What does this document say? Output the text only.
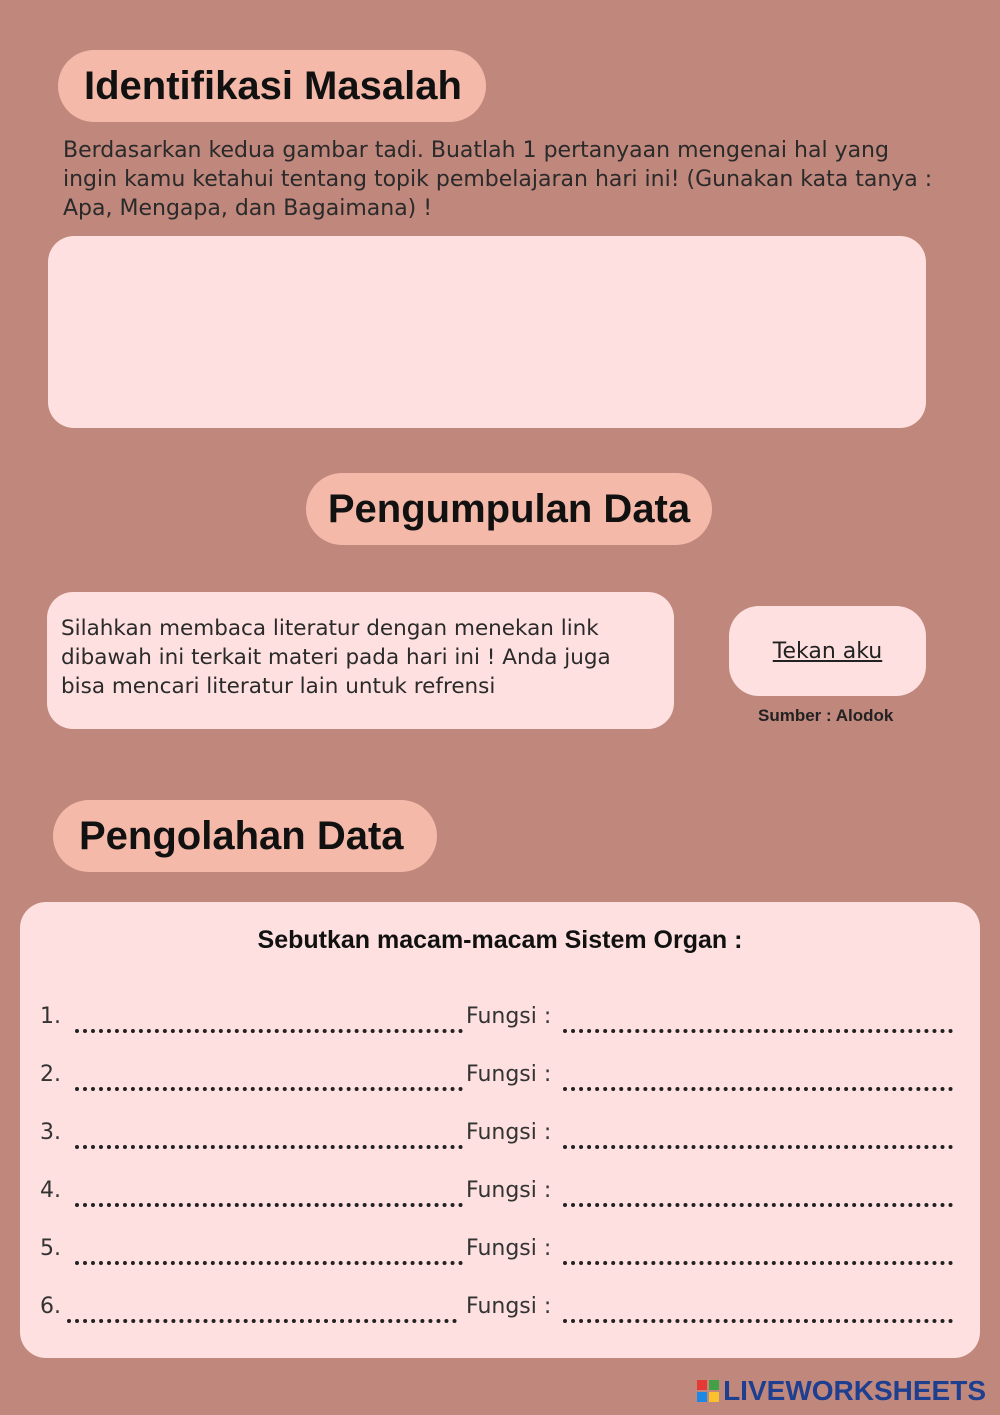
Identifikasi Masalah
Berdasarkan kedua gambar tadi. Buatlah 1 pertanyaan mengenai hal yang ingin kamu ketahui tentang topik pembelajaran hari ini! (Gunakan kata tanya : Apa, Mengapa, dan Bagaimana) !
Pengumpulan Data
Silahkan membaca literatur dengan menekan link dibawah ini terkait materi pada hari ini ! Anda juga bisa mencari literatur lain untuk refrensi
Tekan aku
Sumber : Alodok
Pengolahan Data
Sebutkan macam-macam Sistem Organ :
1.	Fungsi :
2.	Fungsi :
3.	Fungsi :
4.	Fungsi :
5.	Fungsi :
6.	Fungsi :
LIVEWORKSHEETS
